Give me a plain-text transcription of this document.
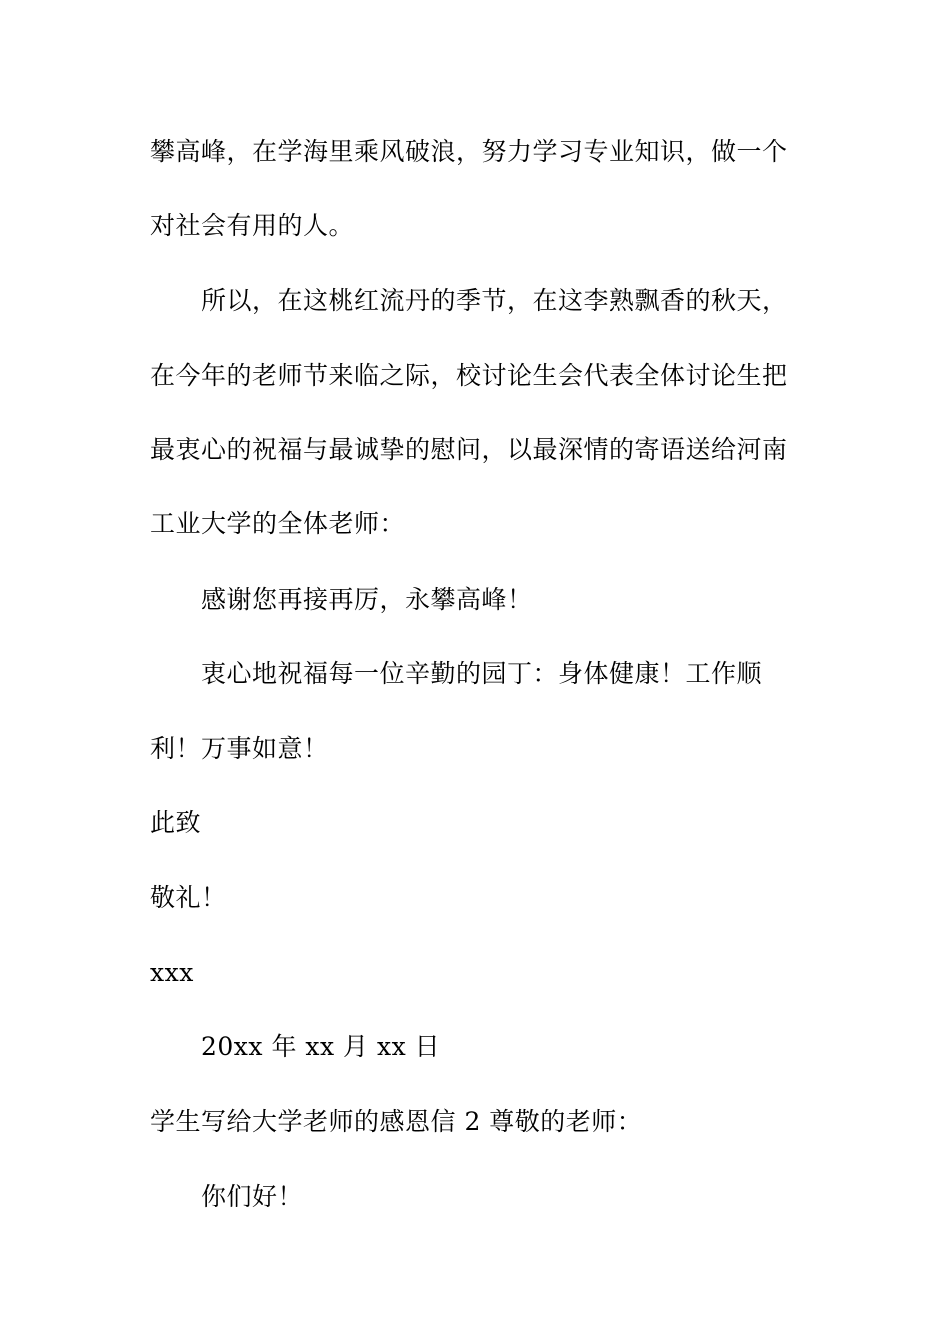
攀高峰，在学海里乘风破浪，努力学习专业知识，做一个
对社会有用的人。
所以，在这桃红流丹的季节，在这李熟飘香的秋天，
在今年的老师节来临之际，校讨论生会代表全体讨论生把
最衷心的祝福与最诚挚的慰问，以最深情的寄语送给河南
工业大学的全体老师：
感谢您再接再厉，永攀高峰！
衷心地祝福每一位辛勤的园丁：身体健康！工作顺
利！万事如意！
此致
敬礼！
xxx
20xx 年 xx 月 xx 日
学生写给大学老师的感恩信 2 尊敬的老师：
你们好！
